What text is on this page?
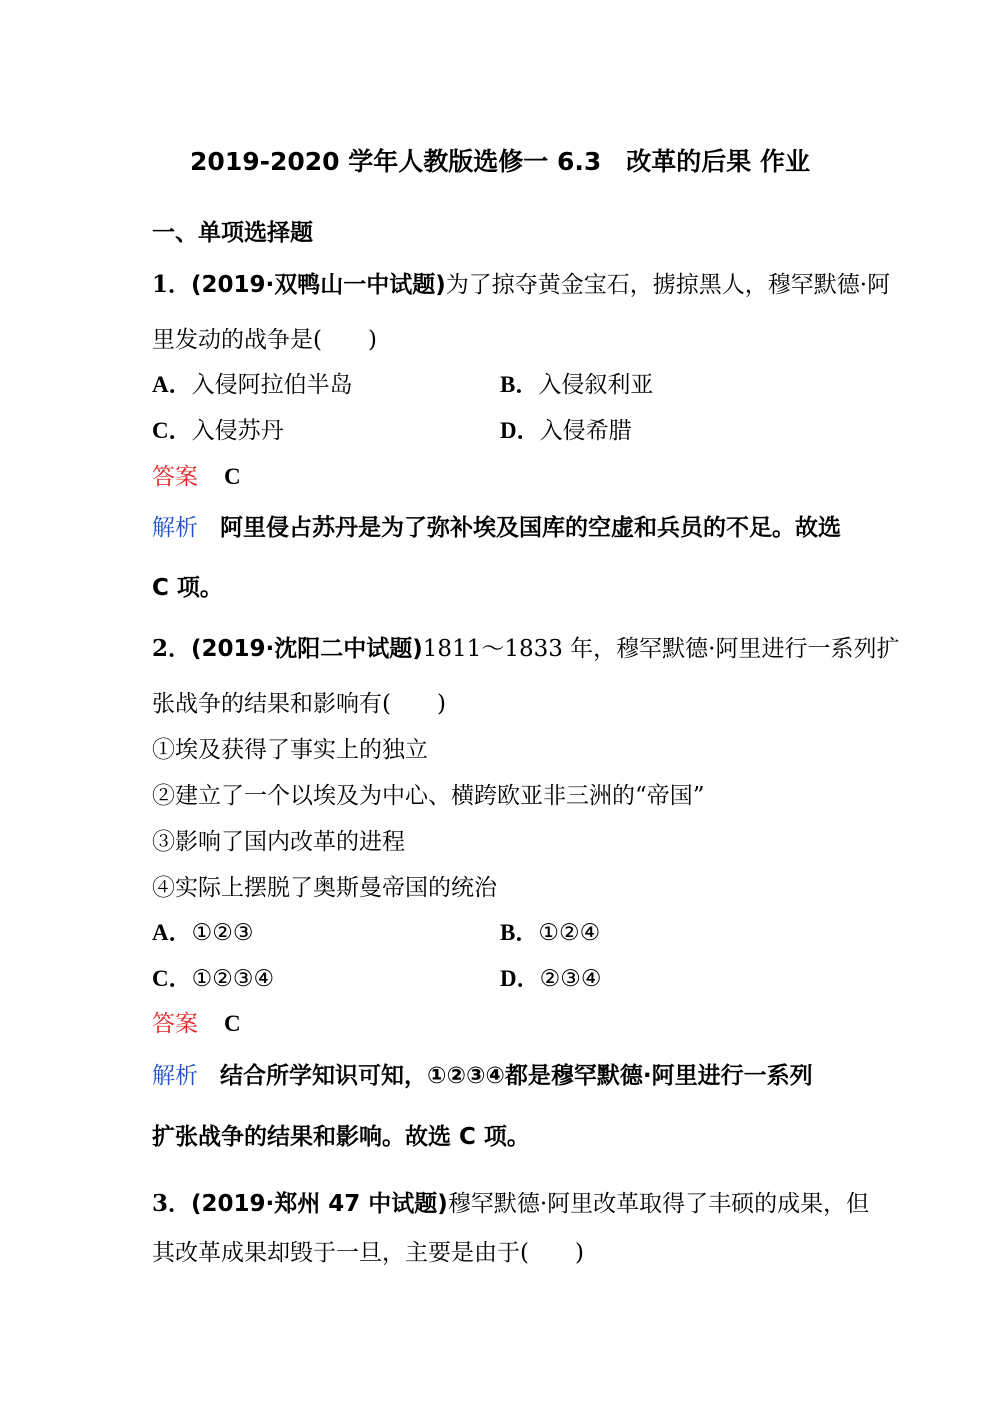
2019-2020 学年人教版选修一 6.3　改革的后果 作业
一、单项选择题
1．(2019·双鸭山一中试题)为了掠夺黄金宝石，掳掠黑人，穆罕默德·阿
里发动的战争是(　　)
A．入侵阿拉伯半岛	B．入侵叙利亚
C．入侵苏丹	D．入侵希腊
答案 C
解析 阿里侵占苏丹是为了弥补埃及国库的空虚和兵员的不足。故选
C 项。
2．(2019·沈阳二中试题)1811～1833 年，穆罕默德·阿里进行一系列扩
张战争的结果和影响有(　　)
①埃及获得了事实上的独立
②建立了一个以埃及为中心、横跨欧亚非三洲的“帝国”
③影响了国内改革的进程
④实际上摆脱了奥斯曼帝国的统治
A．①②③	B．①②④
C．①②③④	D．②③④
答案 C
解析 结合所学知识可知，①②③④都是穆罕默德·阿里进行一系列
扩张战争的结果和影响。故选 C 项。
3．(2019·郑州 47 中试题)穆罕默德·阿里改革取得了丰硕的成果，但
其改革成果却毁于一旦，主要是由于(　　)
